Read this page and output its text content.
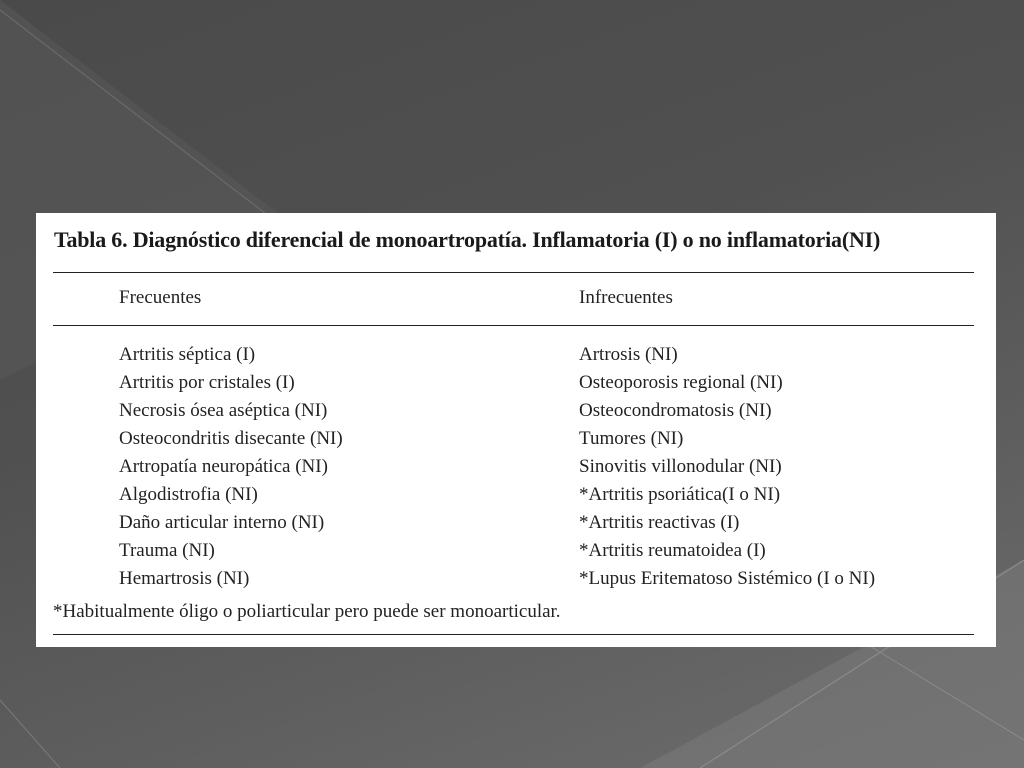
Tabla 6. Diagnóstico diferencial de monoartropatía. Inflamatoria (I) o no inflamatoria(NI)
Frecuentes	Infrecuentes
Artritis séptica (I)
Artritis por cristales (I)
Necrosis ósea aséptica (NI)
Osteocondritis disecante (NI)
Artropatía neuropática (NI)
Algodistrofia (NI)
Daño articular interno (NI)
Trauma (NI)
Hemartrosis (NI)
Artrosis (NI)
Osteoporosis regional (NI)
Osteocondromatosis (NI)
Tumores (NI)
Sinovitis villonodular (NI)
*Artritis psoriática(I o NI)
*Artritis reactivas (I)
*Artritis reumatoidea (I)
*Lupus Eritematoso Sistémico (I o NI)
*Habitualmente óligo o poliarticular pero puede ser monoarticular.
